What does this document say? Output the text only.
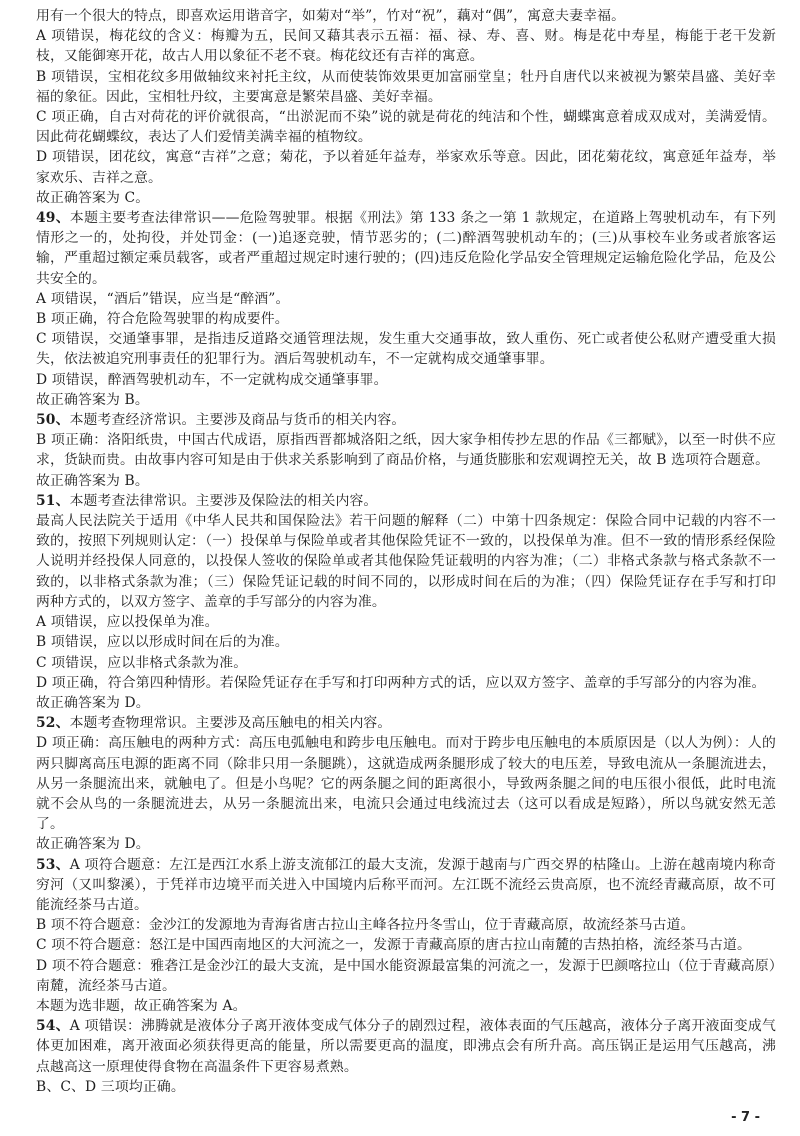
用有一个很大的特点，即喜欢运用谐音字，如菊对“举”，竹对“祝”，藕对“偶”，寓意夫妻幸福。

A 项错误，梅花纹的含义：梅瓣为五，民间又藉其表示五福：福、禄、寿、喜、财。梅是花中寿星，梅能于老干发新枝，又能御寒开花，故古人用以象征不老不衰。梅花纹还有吉祥的寓意。

B 项错误，宝相花纹多用做轴纹来衬托主纹，从而使装饰效果更加富丽堂皇；牡丹自唐代以来被视为繁荣昌盛、美好幸福的象征。因此，宝相牡丹纹，主要寓意是繁荣昌盛、美好幸福。

C 项正确，自古对荷花的评价就很高，“出淤泥而不染”说的就是荷花的纯洁和个性，蝴蝶寓意着成双成对，美满爱情。因此荷花蝴蝶纹，表达了人们爱情美满幸福的植物纹。

D 项错误，团花纹，寓意“吉祥”之意；菊花，予以着延年益寿，举家欢乐等意。因此，团花菊花纹，寓意延年益寿，举家欢乐、吉祥之意。

故正确答案为 C。

49、本题主要考查法律常识——危险驾驶罪。根据《刑法》第 133 条之一第 1 款规定，在道路上驾驶机动车，有下列情形之一的，处拘役，并处罚金：(一)追逐竞驶，情节恶劣的；(二)醉酒驾驶机动车的；(三)从事校车业务或者旅客运输，严重超过额定乘员载客，或者严重超过规定时速行驶的；(四)违反危险化学品安全管理规定运输危险化学品，危及公共安全的。

A 项错误，“酒后”错误，应当是“醉酒”。

B 项正确，符合危险驾驶罪的构成要件。

C 项错误，交通肇事罪，是指违反道路交通管理法规，发生重大交通事故，致人重伤、死亡或者使公私财产遭受重大损失，依法被追究刑事责任的犯罪行为。酒后驾驶机动车，不一定就构成交通肇事罪。

D 项错误，醉酒驾驶机动车，不一定就构成交通肇事罪。

故正确答案为 B。

50、本题考查经济常识。主要涉及商品与货币的相关内容。

B 项正确：洛阳纸贵，中国古代成语，原指西晋都城洛阳之纸，因大家争相传抄左思的作品《三都赋》，以至一时供不应求，货缺而贵。由故事内容可知是由于供求关系影响到了商品价格，与通货膨胀和宏观调控无关，故 B 选项符合题意。

故正确答案为 B。

51、本题考查法律常识。主要涉及保险法的相关内容。

最高人民法院关于适用《中华人民共和国保险法》若干问题的解释（二）中第十四条规定：保险合同中记载的内容不一致的，按照下列规则认定：（一）投保单与保险单或者其他保险凭证不一致的，以投保单为准。但不一致的情形系经保险人说明并经投保人同意的，以投保人签收的保险单或者其他保险凭证载明的内容为准；（二）非格式条款与格式条款不一致的，以非格式条款为准；（三）保险凭证记载的时间不同的，以形成时间在后的为准；（四）保险凭证存在手写和打印两种方式的，以双方签字、盖章的手写部分的内容为准。

A 项错误，应以投保单为准。

B 项错误，应以以形成时间在后的为准。

C 项错误，应以非格式条款为准。

D 项正确，符合第四种情形。若保险凭证存在手写和打印两种方式的话，应以双方签字、盖章的手写部分的内容为准。

故正确答案为 D。

52、本题考查物理常识。主要涉及高压触电的相关内容。

D 项正确：高压触电的两种方式：高压电弧触电和跨步电压触电。而对于跨步电压触电的本质原因是（以人为例）：人的两只脚离高压电源的距离不同（除非只用一条腿跳），这就造成两条腿形成了较大的电压差，导致电流从一条腿流进去，从另一条腿流出来，就触电了。但是小鸟呢？它的两条腿之间的距离很小，导致两条腿之间的电压很小很低，此时电流就不会从鸟的一条腿流进去，从另一条腿流出来，电流只会通过电线流过去（这可以看成是短路），所以鸟就安然无恙了。

故正确答案为 D。

53、A 项符合题意：左江是西江水系上游支流郁江的最大支流，发源于越南与广西交界的枯隆山。上游在越南境内称奇穷河（又叫黎溪），于凭祥市边境平而关进入中国境内后称平而河。左江既不流经云贵高原，也不流经青藏高原，故不可能流经茶马古道。

B 项不符合题意：金沙江的发源地为青海省唐古拉山主峰各拉丹冬雪山，位于青藏高原，故流经茶马古道。

C 项不符合题意：怒江是中国西南地区的大河流之一，发源于青藏高原的唐古拉山南麓的吉热拍格，流经茶马古道。

D 项不符合题意：雅砻江是金沙江的最大支流，是中国水能资源最富集的河流之一，发源于巴颜喀拉山（位于青藏高原）南麓，流经茶马古道。

本题为选非题，故正确答案为 A。

54、A 项错误：沸腾就是液体分子离开液体变成气体分子的剧烈过程，液体表面的气压越高，液体分子离开液面变成气体更加困难，离开液面必须获得更高的能量，所以需要更高的温度，即沸点会有所升高。高压锅正是运用气压越高，沸点越高这一原理使得食物在高温条件下更容易煮熟。

B、C、D 三项均正确。

- 7 -
